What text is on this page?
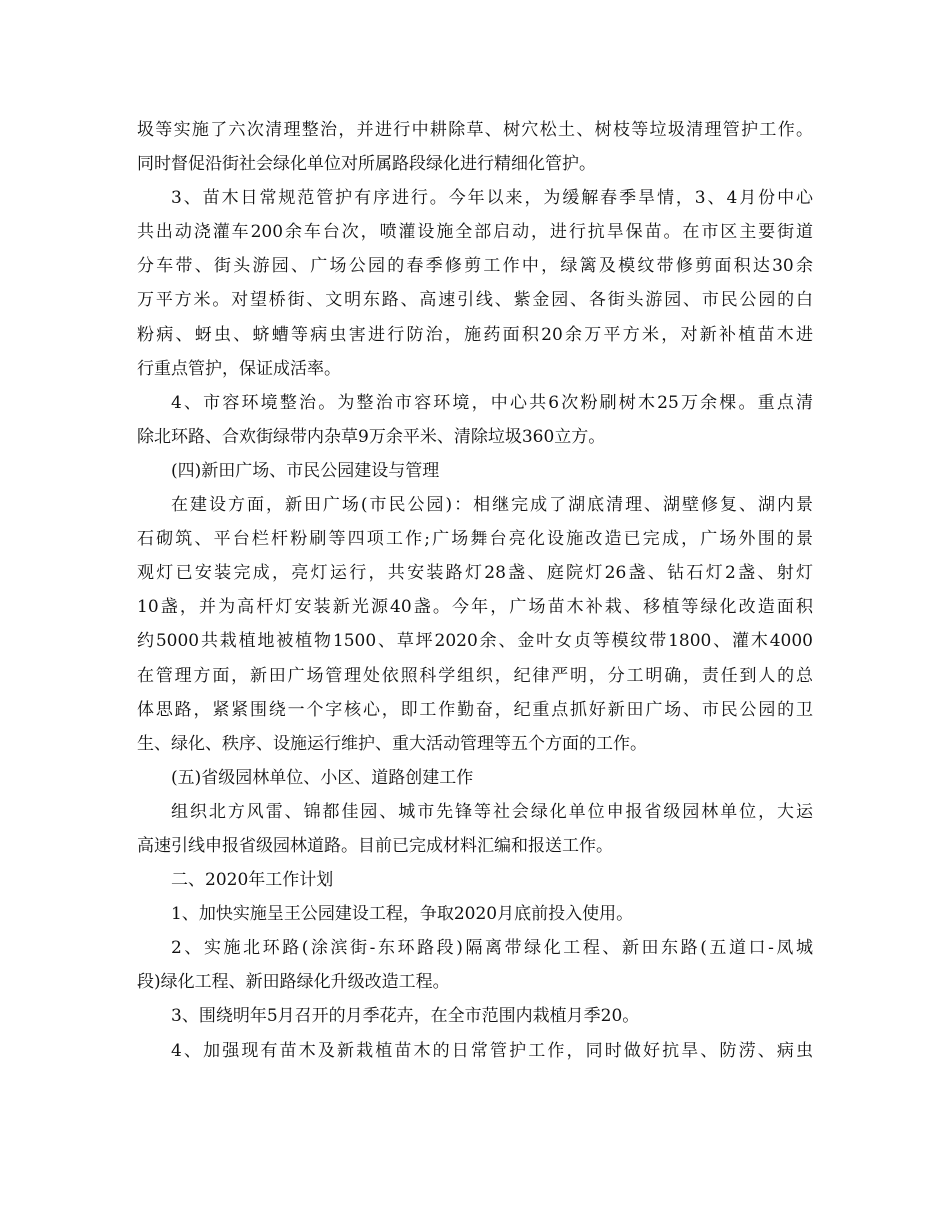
圾等实施了六次清理整治，并进行中耕除草、树穴松土、树枝等垃圾清理管护工作。
同时督促沿街社会绿化单位对所属路段绿化进行精细化管护。
3、苗木日常规范管护有序进行。今年以来，为缓解春季旱情，3、4月份中心
共出动浇灌车200余车台次，喷灌设施全部启动，进行抗旱保苗。在市区主要街道
分车带、街头游园、广场公园的春季修剪工作中，绿篱及模纹带修剪面积达30余
万平方米。对望桥街、文明东路、高速引线、紫金园、各街头游园、市民公园的白
粉病、蚜虫、蛴螬等病虫害进行防治，施药面积20余万平方米，对新补植苗木进
行重点管护，保证成活率。
4、市容环境整治。为整治市容环境，中心共6次粉刷树木25万余棵。重点清
除北环路、合欢街绿带内杂草9万余平米、清除垃圾360立方。
(四)新田广场、市民公园建设与管理
在建设方面，新田广场(市民公园)：相继完成了湖底清理、湖壁修复、湖内景
石砌筑、平台栏杆粉刷等四项工作;广场舞台亮化设施改造已完成，广场外围的景
观灯已安装完成，亮灯运行，共安装路灯28盏、庭院灯26盏、钻石灯2盏、射灯
10盏，并为高杆灯安装新光源40盏。今年，广场苗木补栽、移植等绿化改造面积
约5000共栽植地被植物1500、草坪2020余、金叶女贞等模纹带1800、灌木4000
在管理方面，新田广场管理处依照科学组织，纪律严明，分工明确，责任到人的总
体思路，紧紧围绕一个字核心，即工作勤奋，纪重点抓好新田广场、市民公园的卫
生、绿化、秩序、设施运行维护、重大活动管理等五个方面的工作。
(五)省级园林单位、小区、道路创建工作
组织北方风雷、锦都佳园、城市先锋等社会绿化单位申报省级园林单位，大运
高速引线申报省级园林道路。目前已完成材料汇编和报送工作。
二、2020年工作计划
1、加快实施呈王公园建设工程，争取2020月底前投入使用。
2、实施北环路(涂滨街-东环路段)隔离带绿化工程、新田东路(五道口-凤城
段)绿化工程、新田路绿化升级改造工程。
3、围绕明年5月召开的月季花卉，在全市范围内栽植月季20。
4、加强现有苗木及新栽植苗木的日常管护工作，同时做好抗旱、防涝、病虫
